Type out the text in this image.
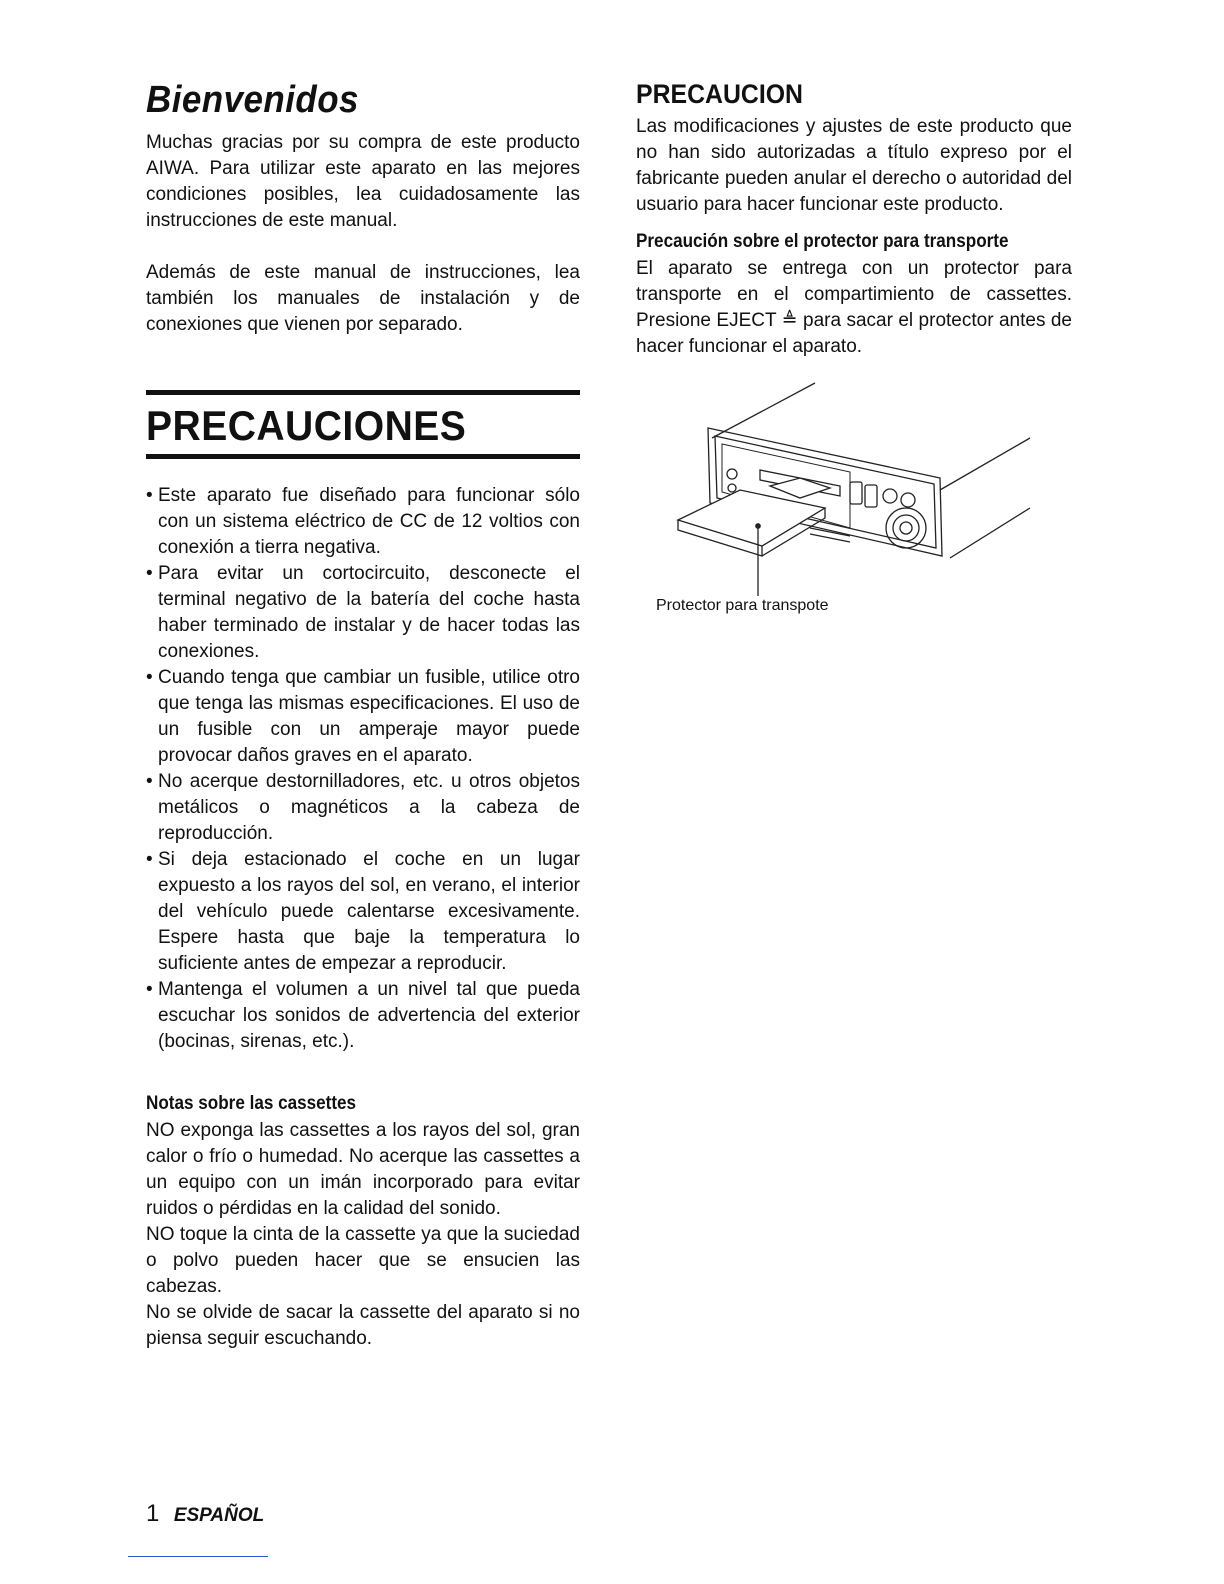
Bienvenidos

Muchas gracias por su compra de este producto AIWA. Para utilizar este aparato en las mejores condiciones posibles, lea cuidadosamente las instrucciones de este manual.

Además de este manual de instrucciones, lea también los manuales de instalación y de conexiones que vienen por separado.

PRECAUCIONES
• Este aparato fue diseñado para funcionar sólo con un sistema eléctrico de CC de 12 voltios con conexión a tierra negativa.
• Para evitar un cortocircuito, desconecte el terminal negativo de la batería del coche hasta haber terminado de instalar y de hacer todas las conexiones.
• Cuando tenga que cambiar un fusible, utilice otro que tenga las mismas especificaciones. El uso de un fusible con un amperaje mayor puede provocar daños graves en el aparato.
• No acerque destornilladores, etc. u otros objetos metálicos o magnéticos a la cabeza de reproducción.
• Si deja estacionado el coche en un lugar expuesto a los rayos del sol, en verano, el interior del vehículo puede calentarse excesivamente. Espere hasta que baje la temperatura lo suficiente antes de empezar a reproducir.
• Mantenga el volumen a un nivel tal que pueda escuchar los sonidos de advertencia del exterior (bocinas, sirenas, etc.).
Notas sobre las cassettes

NO exponga las cassettes a los rayos del sol, gran calor o frío o humedad. No acerque las cassettes a un equipo con un imán incorporado para evitar ruidos o pérdidas en la calidad del sonido.

NO toque la cinta de la cassette ya que la suciedad o polvo pueden hacer que se ensucien las cabezas.

No se olvide de sacar la cassette del aparato si no piensa seguir escuchando.

PRECAUCION

Las modificaciones y ajustes de este producto que no han sido autorizadas a título expreso por el fabricante pueden anular el derecho o autoridad del usuario para hacer funcionar este producto.

Precaución sobre el protector para transporte

El aparato se entrega con un protector para transporte en el compartimiento de cassettes. Presione EJECT ≜ para sacar el protector antes de hacer funcionar el aparato.

Protector para transpote
1 ESPAÑOL
